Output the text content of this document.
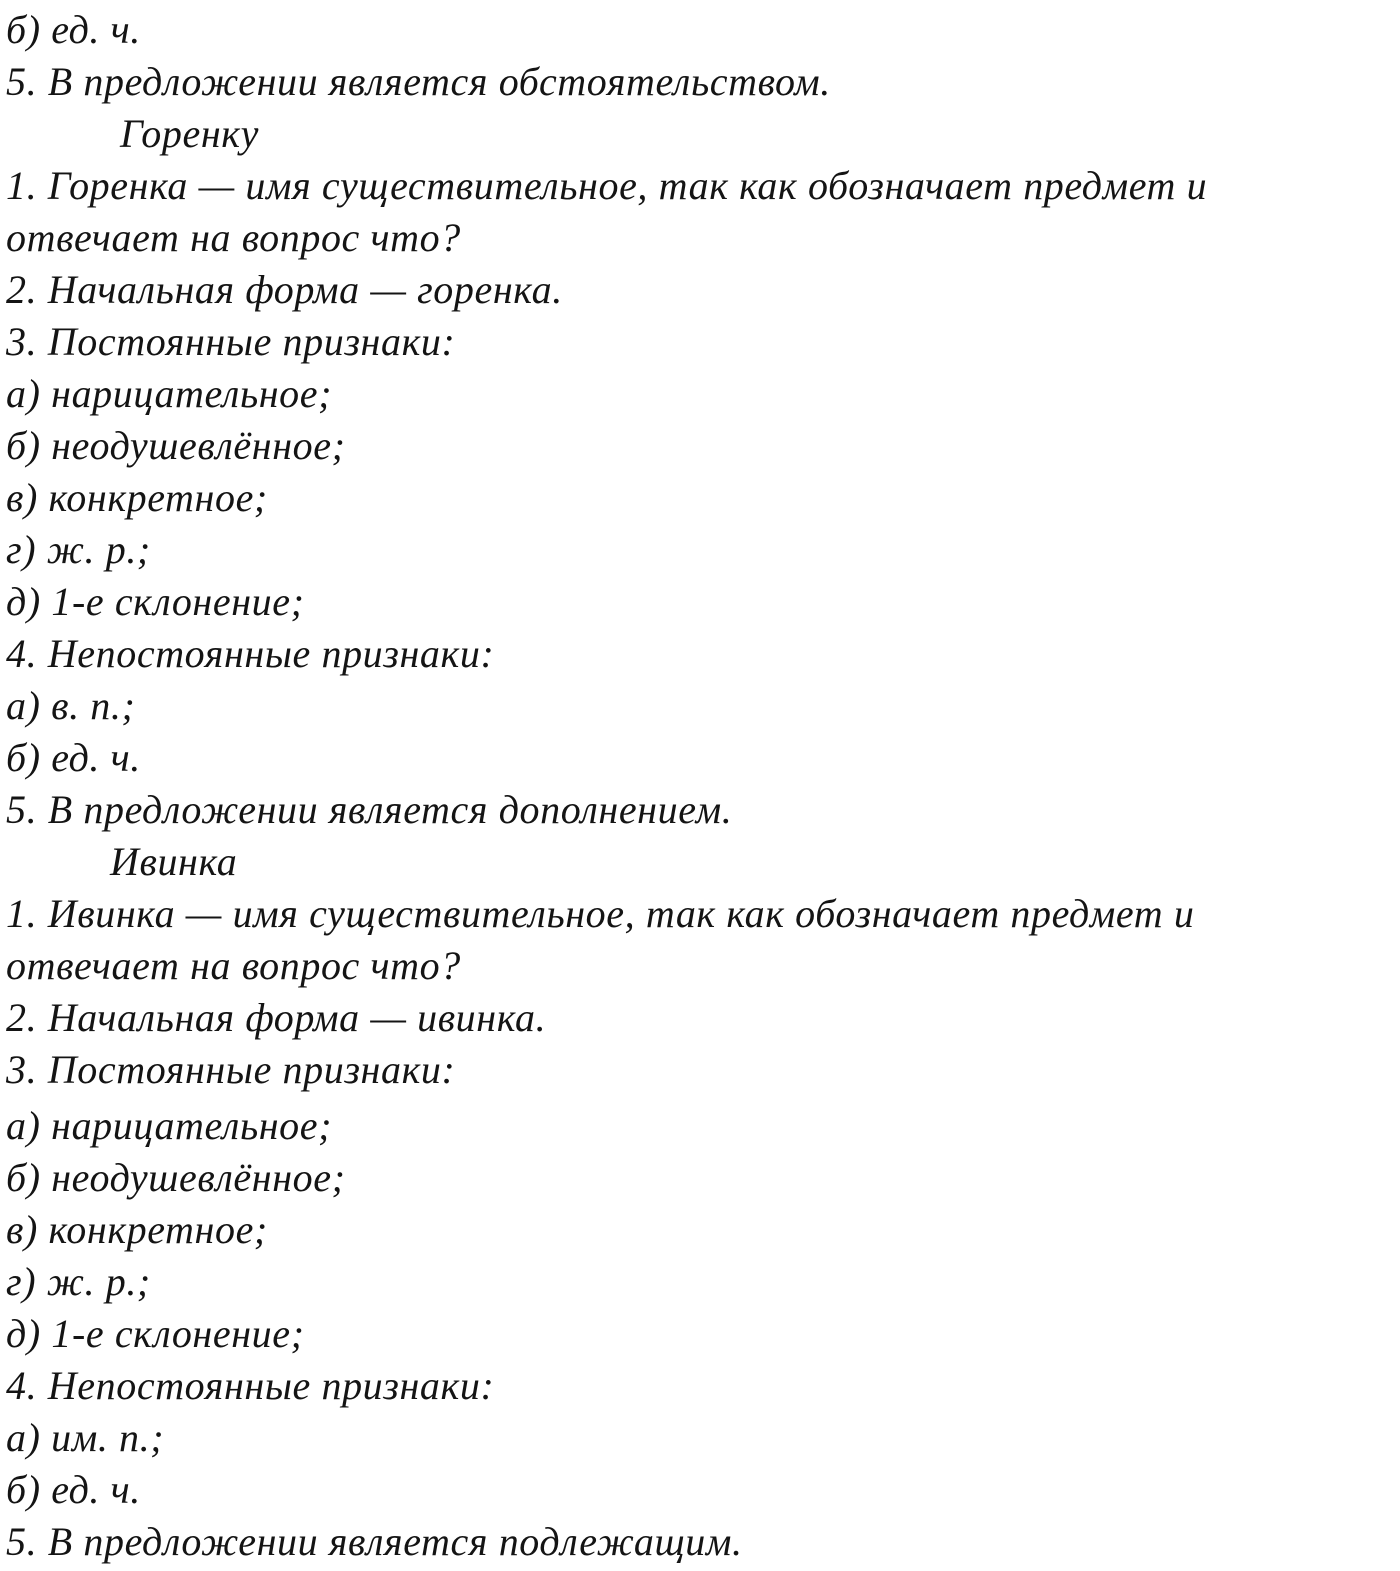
б) ед. ч.
5. В предложении является обстоятельством.
Горенку
1. Горенка — имя существительное, так как обозначает предмет и
отвечает на вопрос что?
2. Начальная форма — горенка.
3. Постоянные признаки:
а) нарицательное;
б) неодушевлённое;
в) конкретное;
г) ж. р.;
д) 1-е склонение;
4. Непостоянные признаки:
а) в. п.;
б) ед. ч.
5. В предложении является дополнением.
Ивинка
1. Ивинка — имя существительное, так как обозначает предмет и
отвечает на вопрос что?
2. Начальная форма — ивинка.
3. Постоянные признаки:
а) нарицательное;
б) неодушевлённое;
в) конкретное;
г) ж. р.;
д) 1-е склонение;
4. Непостоянные признаки:
а) им. п.;
б) ед. ч.
5. В предложении является подлежащим.
